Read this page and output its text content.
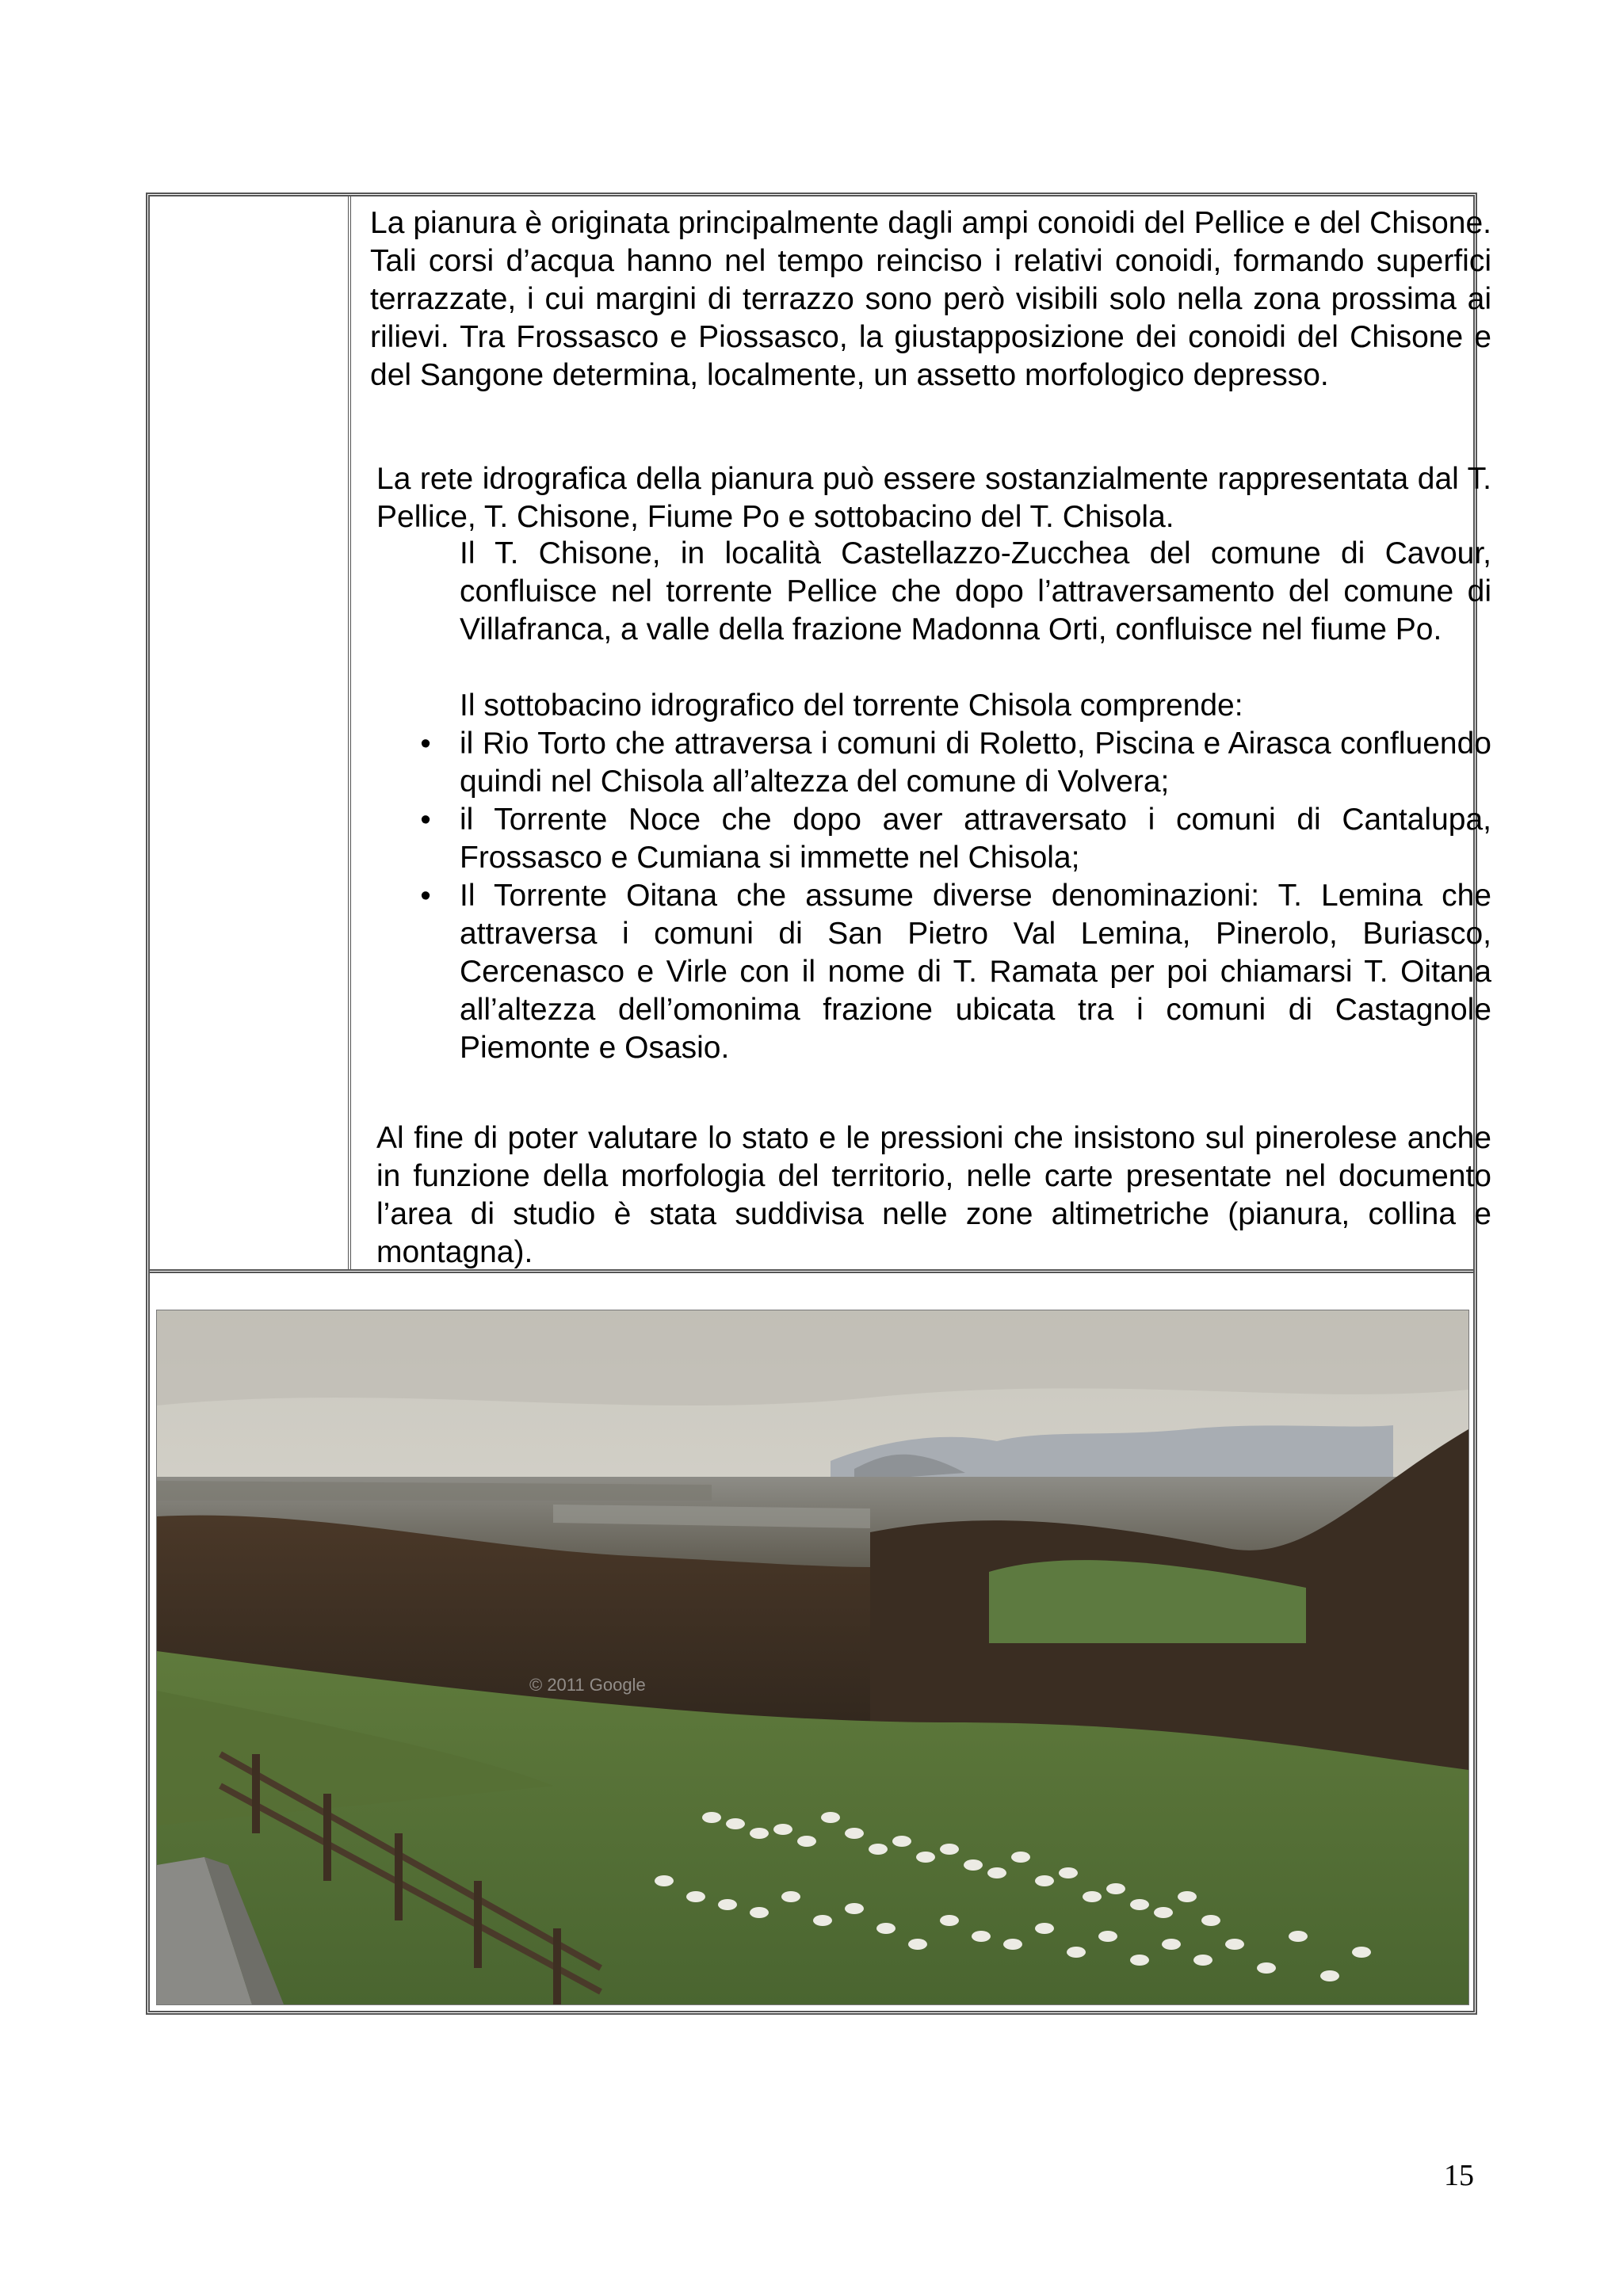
La pianura è originata principalmente dagli ampi conoidi del Pellice e del Chisone. Tali corsi d’acqua hanno nel tempo reinciso i relativi conoidi, formando superfici terrazzate, i cui margini di terrazzo sono però visibili solo nella zona prossima ai rilievi. Tra Frossasco e Piossasco, la giustapposizione dei conoidi del Chisone e del Sangone determina, localmente, un assetto morfologico depresso.
La rete idrografica della pianura può essere sostanzialmente rappresentata dal T. Pellice, T. Chisone, Fiume Po e sottobacino del T. Chisola.
Il T. Chisone, in località Castellazzo-Zucchea del comune di Cavour, confluisce nel torrente Pellice che dopo l’attraversamento del comune di Villafranca, a valle della frazione Madonna Orti, confluisce nel fiume Po.
Il sottobacino idrografico del torrente Chisola comprende:
• il Rio Torto che attraversa i comuni di Roletto, Piscina e Airasca confluendo quindi nel Chisola all’altezza del comune di Volvera;
• il Torrente Noce che dopo aver attraversato i comuni di Cantalupa, Frossasco e Cumiana si immette nel Chisola;
• Il Torrente Oitana che assume diverse denominazioni: T. Lemina che attraversa i comuni di San Pietro Val Lemina, Pinerolo, Buriasco, Cercenasco e Virle con il nome di T. Ramata per poi chiamarsi T. Oitana all’altezza dell’omonima frazione ubicata tra i comuni di Castagnole Piemonte e Osasio.
Al fine di poter valutare lo stato e le pressioni che insistono sul pinerolese anche in funzione della morfologia del territorio, nelle carte presentate nel documento l’area di studio è stata suddivisa nelle zone altimetriche (pianura, collina e montagna).
© 2011 Google
15
